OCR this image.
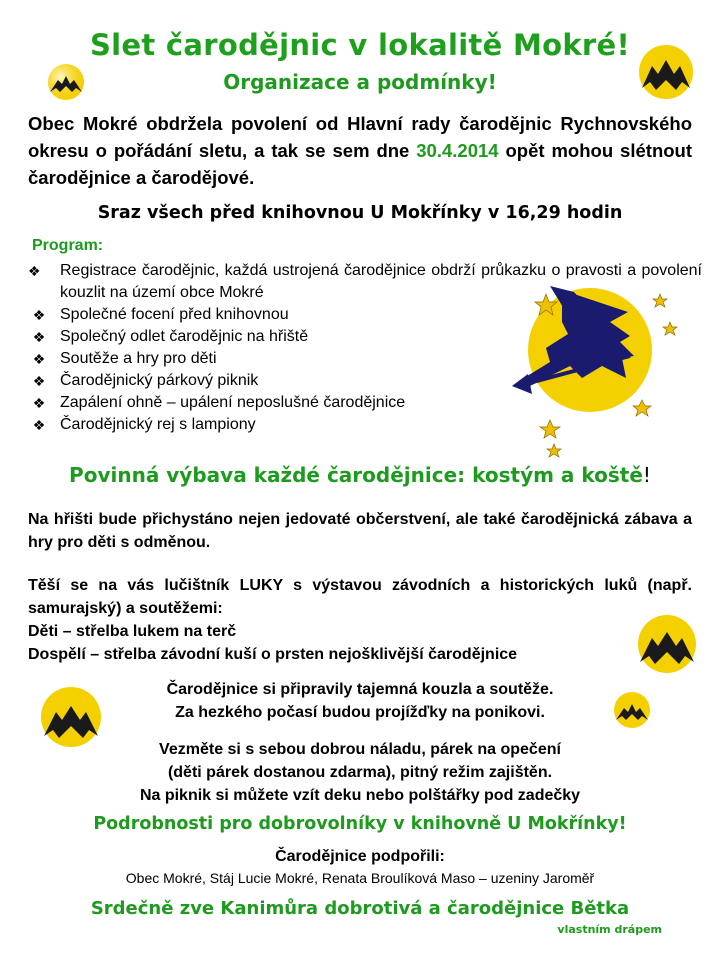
Slet čarodějnic v lokalitě Mokré!
Organizace a podmínky!
Obec Mokré obdržela povolení od Hlavní rady čarodějnic Rychnovského okresu o pořádání sletu, a tak se sem dne 30.4.2014 opět mohou slétnout čarodějnice a čarodějové.
Sraz všech před knihovnou U Mokřínky v 16,29 hodin
Program:
❖	Registrace čarodějnic, každá ustrojená čarodějnice obdrží průkazku o pravosti a povolení kouzlit na území obce Mokré
❖ Společné focení před knihovnou
❖ Společný odlet čarodějnic na hřiště
❖ Soutěže a hry pro děti
❖ Čarodějnický párkový piknik
❖ Zapálení ohně – upálení neposlušné čarodějnice
❖ Čarodějnický rej s lampiony
Povinná výbava každé čarodějnice: kostým a koště!
Na hřišti bude přichystáno nejen jedovaté občerstvení, ale také čarodějnická zábava a hry pro děti s odměnou.
Těší se na vás lučištník LUKY s výstavou závodních a historických luků (např. samurajský) a soutěžemi:
Děti – střelba lukem na terč
Dospělí – střelba závodní kuší o prsten nejošklivější čarodějnice
Čarodějnice si připravily tajemná kouzla a soutěže.
Za hezkého počasí budou projížďky na ponikovi.
Vezměte si s sebou dobrou náladu, párek na opečení
(děti párek dostanou zdarma), pitný režim zajištěn.
Na piknik si můžete vzít deku nebo polštářky pod zadečky
Podrobnosti pro dobrovolníky v knihovně U Mokřínky!
Čarodějnice podpořili:
Obec Mokré, Stáj Lucie Mokré, Renata Broulíková Maso – uzeniny Jaroměř
Srdečně zve Kanimůra dobrotivá a čarodějnice Bětka
vlastním drápem
